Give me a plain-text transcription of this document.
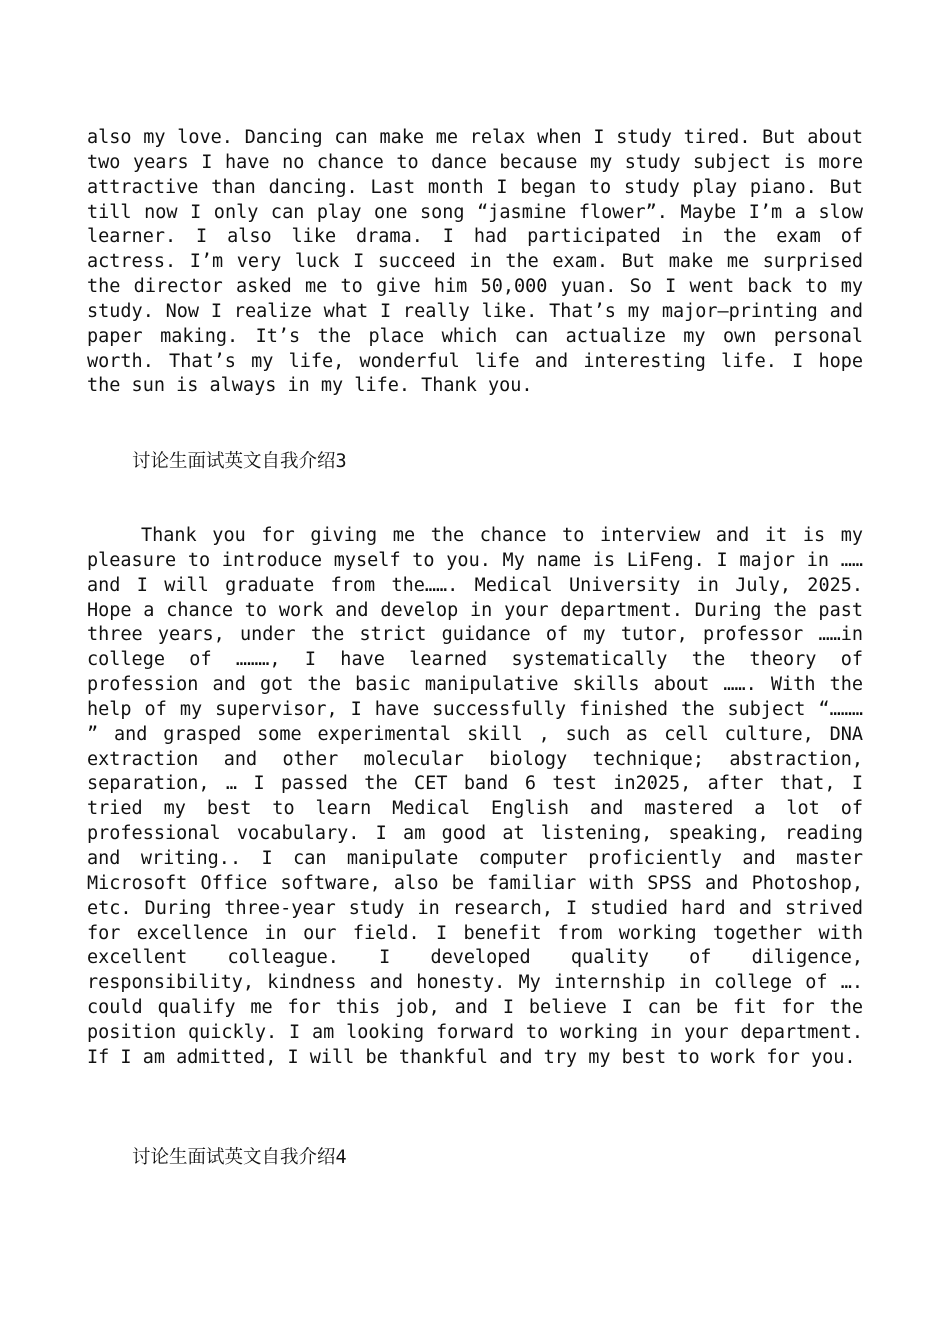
also my love. Dancing can make me relax when I study tired. But about two years I have no chance to dance because my study subject is more attractive than dancing. Last month I began to study play piano. But till now I only can play one song “jasmine flower”. Maybe I’m a slow learner. I also like drama. I had participated in the exam of actress. I’m very luck I succeed in the exam. But make me surprised the director asked me to give him 50,000 yuan. So I went back to my study. Now I realize what I really like. That’s my major—printing and paper making. It’s the place which can actualize my own personal worth. That’s my life, wonderful life and interesting life. I hope the sun is always in my life. Thank you.

讨论生面试英文自我介绍3

Thank you for giving me the chance to interview and it is my pleasure to introduce myself to you. My name is LiFeng. I major in ……and I will graduate from the……. Medical University in July, 2025. Hope a chance to work and develop in your department. During the past three years, under the strict guidance of my tutor, professor ……in college of ………, I have learned systematically the theory of profession and got the basic manipulative skills about ……. With the help of my supervisor, I have successfully finished the subject “……… ” and grasped some experimental skill , such as cell culture, DNA extraction and other molecular biology technique; abstraction, separation, … I passed the CET band 6 test in2025, after that, I tried my best to learn Medical English and mastered a lot of professional vocabulary. I am good at listening, speaking, reading and writing.. I can manipulate computer proficiently and master Microsoft Office software, also be familiar with SPSS and Photoshop, etc. During three-year study in research, I studied hard and strived for excellence in our field. I benefit from working together with excellent colleague. I developed quality of diligence, responsibility, kindness and honesty. My internship in college of …. could qualify me for this job, and I believe I can be fit for the position quickly. I am looking forward to working in your department. If I am admitted, I will be thankful and try my best to work for you.

讨论生面试英文自我介绍4
